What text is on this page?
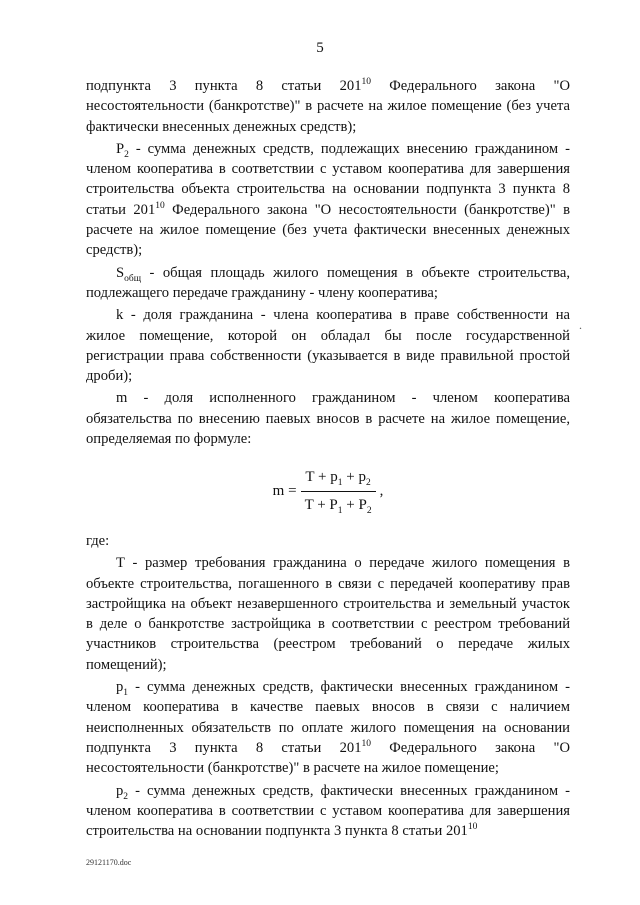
5

подпункта 3 пункта 8 статьи $201^{10}$ Федерального закона "О несостоятельности (банкротстве)" в расчете на жилое помещение (без учета фактически внесенных денежных средств);

$Р_2$ - сумма денежных средств, подлежащих внесению гражданином - членом кооператива в соответствии с уставом кооператива для завершения строительства объекта строительства на основании подпункта 3 пункта 8 статьи $201^{10}$ Федерального закона "О несостоятельности (банкротстве)" в расчете на жилое помещение (без учета фактически внесенных денежных средств);

$S_{общ}$ - общая площадь жилого помещения в объекте строительства, подлежащего передаче гражданину - члену кооператива;

k - доля гражданина - члена кооператива в праве собственности на жилое помещение, которой он обладал бы после государственной регистрации права собственности (указывается в виде правильной простой дроби);

m - доля исполненного гражданином - членом кооператива обязательства по внесению паевых вносов в расчете на жилое помещение, определяемая по формуле:

$m = \frac{T + p_1 + p_2}{T + P_1 + P_2}$ ,

где:

Т - размер требования гражданина о передаче жилого помещения в объекте строительства, погашенного в связи с передачей кооперативу прав застройщика на объект незавершенного строительства и земельный участок в деле о банкротстве застройщика в соответствии с реестром требований участников строительства (реестром требований о передаче жилых помещений);

$p_1$ - сумма денежных средств, фактически внесенных гражданином - членом кооператива в качестве паевых вносов в связи с наличием неисполненных обязательств по оплате жилого помещения на основании подпункта 3 пункта 8 статьи $201^{10}$ Федерального закона "О несостоятельности (банкротстве)" в расчете на жилое помещение;

$p_2$ - сумма денежных средств, фактически внесенных гражданином - членом кооператива в соответствии с уставом кооператива для завершения строительства на основании подпункта 3 пункта 8 статьи $201^{10}$

.
29121170.doc
